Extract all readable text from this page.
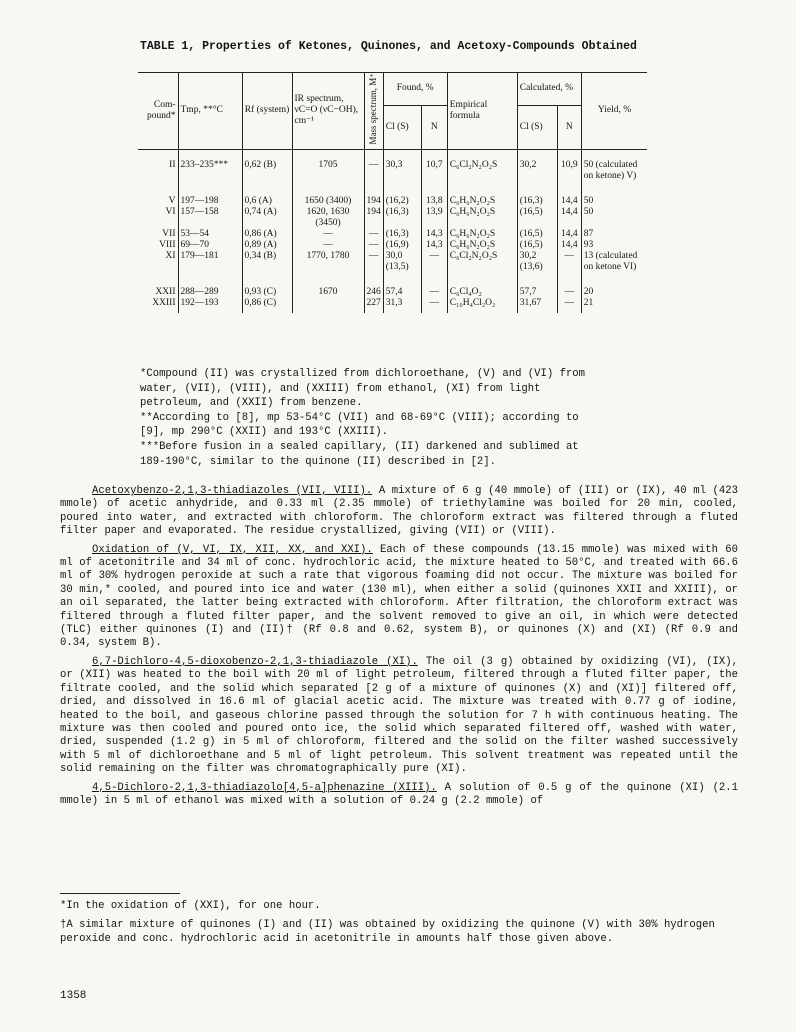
TABLE 1, Properties of Ketones, Quinones, and Acetoxy-Compounds Obtained
Com-pound*	Tmp, **°C	Rf (system)	IR spectrum, νC=O (νC−OH), cm⁻¹	Mass spectrum, M⁺	Found, %		Empirical formula	Calculated, %		Yield, %
					Cl (S)	N		Cl (S)	N	
II	233–235***	0,62 (B)	1705	—	30,3	10,7	C₆Cl₂N₂O₂S	30,2	10,9	50 (calculated on ketone) V)
V	197—198	0,6 (A)	1650 (3400)	194	(16,2)	13,8	C₆H₆N₂O₂S	(16,3)	14,4	50
VI	157—158	0,74 (A)	1620, 1630 (3450)	194	(16,3)	13,9	C₆H₆N₂O₂S	(16,5)	14,4	50
VII	53—54	0,86 (A)	—	—	(16,3)	14,3	C₆H₆N₂O₂S	(16,5)	14,4	87
VIII	69—70	0,89 (A)	—	—	(16,9)	14,3	C₆H₆N₂O₂S	(16,5)	14,4	93
XI	179—181	0,34 (B)	1770, 1780	—	30,0 (13,5)	—	C₆Cl₂N₂O₂S	30,2 (13,6)	—	13 (calculated on ketone VI)
XXII	288—289	0,93 (C)	1670	246	57,4	—	C₆Cl₄O₂	57,7	—	20
XXIII	192—193	0,86 (C)		227	31,3	—	C₁₀H₄Cl₂O₂	31,67	—	21

*Compound (II) was crystallized from dichloroethane, (V) and (VI) from water, (VII), (VIII), and (XXIII) from ethanol, (XI) from light petroleum, and (XXII) from benzene.

**According to [8], mp 53-54°C (VII) and 68-69°C (VIII); according to [9], mp 290°C (XXII) and 193°C (XXIII).

***Before fusion in a sealed capillary, (II) darkened and sublimed at 189-190°C, similar to the quinone (II) described in [2].

Acetoxybenzo-2,1,3-thiadiazoles (VII, VIII). A mixture of 6 g (40 mmole) of (III) or (IX), 40 ml (423 mmole) of acetic anhydride, and 0.33 ml (2.35 mmole) of triethylamine was boiled for 20 min, cooled, poured into water, and extracted with chloroform. The chloroform extract was filtered through a fluted filter paper and evaporated. The residue crystallized, giving (VII) or (VIII).

Oxidation of (V, VI, IX, XII, XX, and XXI). Each of these compounds (13.15 mmole) was mixed with 60 ml of acetonitrile and 34 ml of conc. hydrochloric acid, the mixture heated to 50°C, and treated with 66.6 ml of 30% hydrogen peroxide at such a rate that vigorous foaming did not occur. The mixture was boiled for 30 min,* cooled, and poured into ice and water (130 ml), when either a solid (quinones XXII and XXIII), or an oil separated, the latter being extracted with chloroform. After filtration, the chloroform extract was filtered through a fluted filter paper, and the solvent removed to give an oil, in which were detected (TLC) either quinones (I) and (II)† (Rf 0.8 and 0.62, system B), or quinones (X) and (XI) (Rf 0.9 and 0.34, system B).

6,7-Dichloro-4,5-dioxobenzo-2,1,3-thiadiazole (XI). The oil (3 g) obtained by oxidizing (VI), (IX), or (XII) was heated to the boil with 20 ml of light petroleum, filtered through a fluted filter paper, the filtrate cooled, and the solid which separated [2 g of a mixture of quinones (X) and (XI)] filtered off, dried, and dissolved in 16.6 ml of glacial acetic acid. The mixture was treated with 0.77 g of iodine, heated to the boil, and gaseous chlorine passed through the solution for 7 h with continuous heating. The mixture was then cooled and poured onto ice, the solid which separated filtered off, washed with water, dried, suspended (1.2 g) in 5 ml of chloroform, filtered and the solid on the filter washed successively with 5 ml of dichloroethane and 5 ml of light petroleum. This solvent treatment was repeated until the solid remaining on the filter was chromatographically pure (XI).

4,5-Dichloro-2,1,3-thiadiazolo[4,5-a]phenazine (XIII). A solution of 0.5 g of the quinone (XI) (2.1 mmole) in 5 ml of ethanol was mixed with a solution of 0.24 g (2.2 mmole) of

*In the oxidation of (XXI), for one hour.

†A similar mixture of quinones (I) and (II) was obtained by oxidizing the quinone (V) with 30% hydrogen peroxide and conc. hydrochloric acid in acetonitrile in amounts half those given above.

1358
